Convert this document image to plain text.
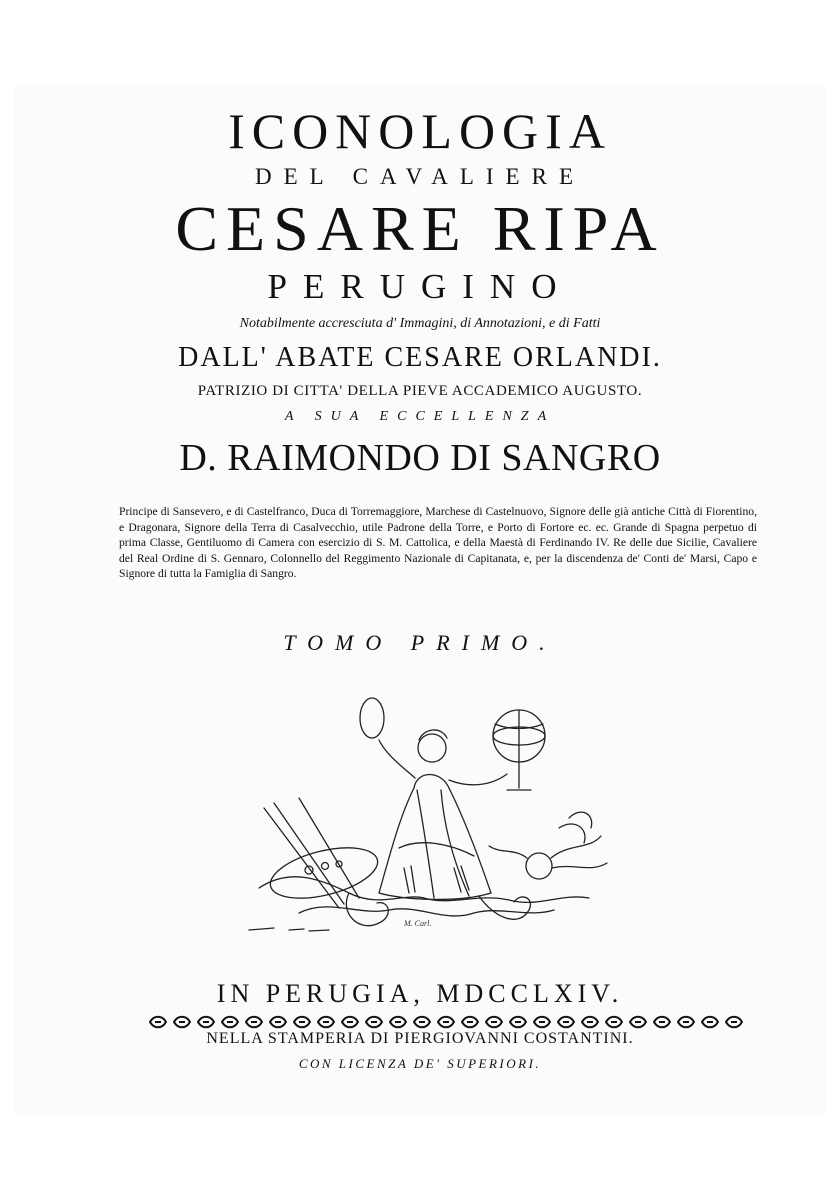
ICONOLOGIA
DEL CAVALIERE
CESARE RIPA
PERUGINO
Notabilmente accresciuta d' Immagini, di Annotazioni, e di Fatti
DALL' ABATE CESARE ORLANDI.
PATRIZIO DI CITTA' DELLA PIEVE ACCADEMICO AUGUSTO.
A SUA ECCELLENZA
D. RAIMONDO DI SANGRO
Principe di Sansevero, e di Castelfranco, Duca di Torremaggiore, Marchese di Castelnuovo, Signore delle già antiche Città di Fiorentino, e Dragonara, Signore della Terra di Casalvecchio, utile Padrone della Torre, e Porto di Fortore ec. ec. Grande di Spagna perpetuo di prima Classe, Gentiluomo di Camera con esercizio di S. M. Cattolica, e della Maestà di Ferdinando IV. Re delle due Sicilie, Cavaliere del Real Ordine di S. Gennaro, Colonnello del Reggimento Nazionale di Capitanata, e, per la discendenza de' Conti de' Marsi, Capo e Signore di tutta la Famiglia di Sangro.
TOMO PRIMO.
M. Carl.
IN PERUGIA, MDCCLXIV.
NELLA STAMPERIA DI PIERGIOVANNI COSTANTINI.
CON LICENZA DE' SUPERIORI.
